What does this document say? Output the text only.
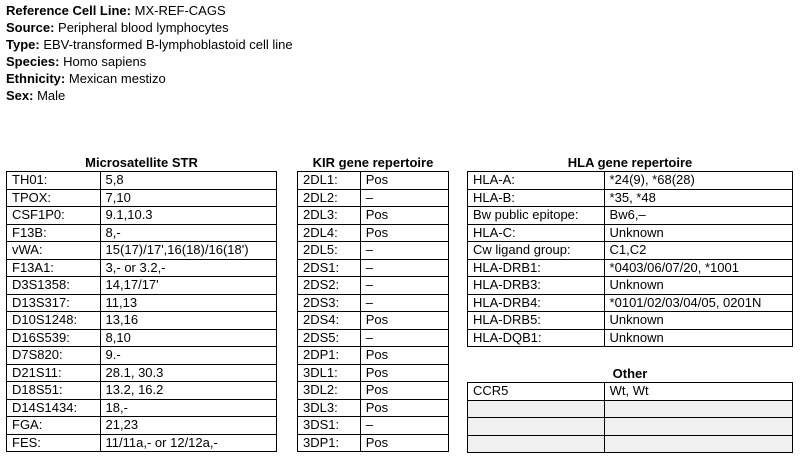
Reference Cell Line: MX-REF-CAGS
Source: Peripheral blood lymphocytes
Type: EBV-transformed B-lymphoblastoid cell line
Species: Homo sapiens
Ethnicity: Mexican mestizo
Sex: Male
Microsatellite STR
TH01:	5,8
TPOX:	7,10
CSF1P0:	9.1,10.3
F13B:	8,-
vWA:	15(17)/17',16(18)/16(18')
F13A1:	3,- or 3.2,-
D3S1358:	14,17/17'
D13S317:	11,13
D10S1248:	13,16
D16S539:	8,10
D7S820:	9.-
D21S11:	28.1, 30.3
D18S51:	13.2, 16.2
D14S1434:	18,-
FGA:	21,23
FES:	11/11a,- or 12/12a,-
KIR gene repertoire
2DL1:	Pos
2DL2:	–
2DL3:	Pos
2DL4:	Pos
2DL5:	–
2DS1:	–
2DS2:	–
2DS3:	–
2DS4:	Pos
2DS5:	–
2DP1:	Pos
3DL1:	Pos
3DL2:	Pos
3DL3:	Pos
3DS1:	–
3DP1:	Pos
HLA gene repertoire
HLA-A:	*24(9), *68(28)
HLA-B:	*35, *48
Bw public epitope:	Bw6,–
HLA-C:	Unknown
Cw ligand group:	C1,C2
HLA-DRB1:	*0403/06/07/20, *1001
HLA-DRB3:	Unknown
HLA-DRB4:	*0101/02/03/04/05, 0201N
HLA-DRB5:	Unknown
HLA-DQB1:	Unknown
Other
CCR5	Wt, Wt
